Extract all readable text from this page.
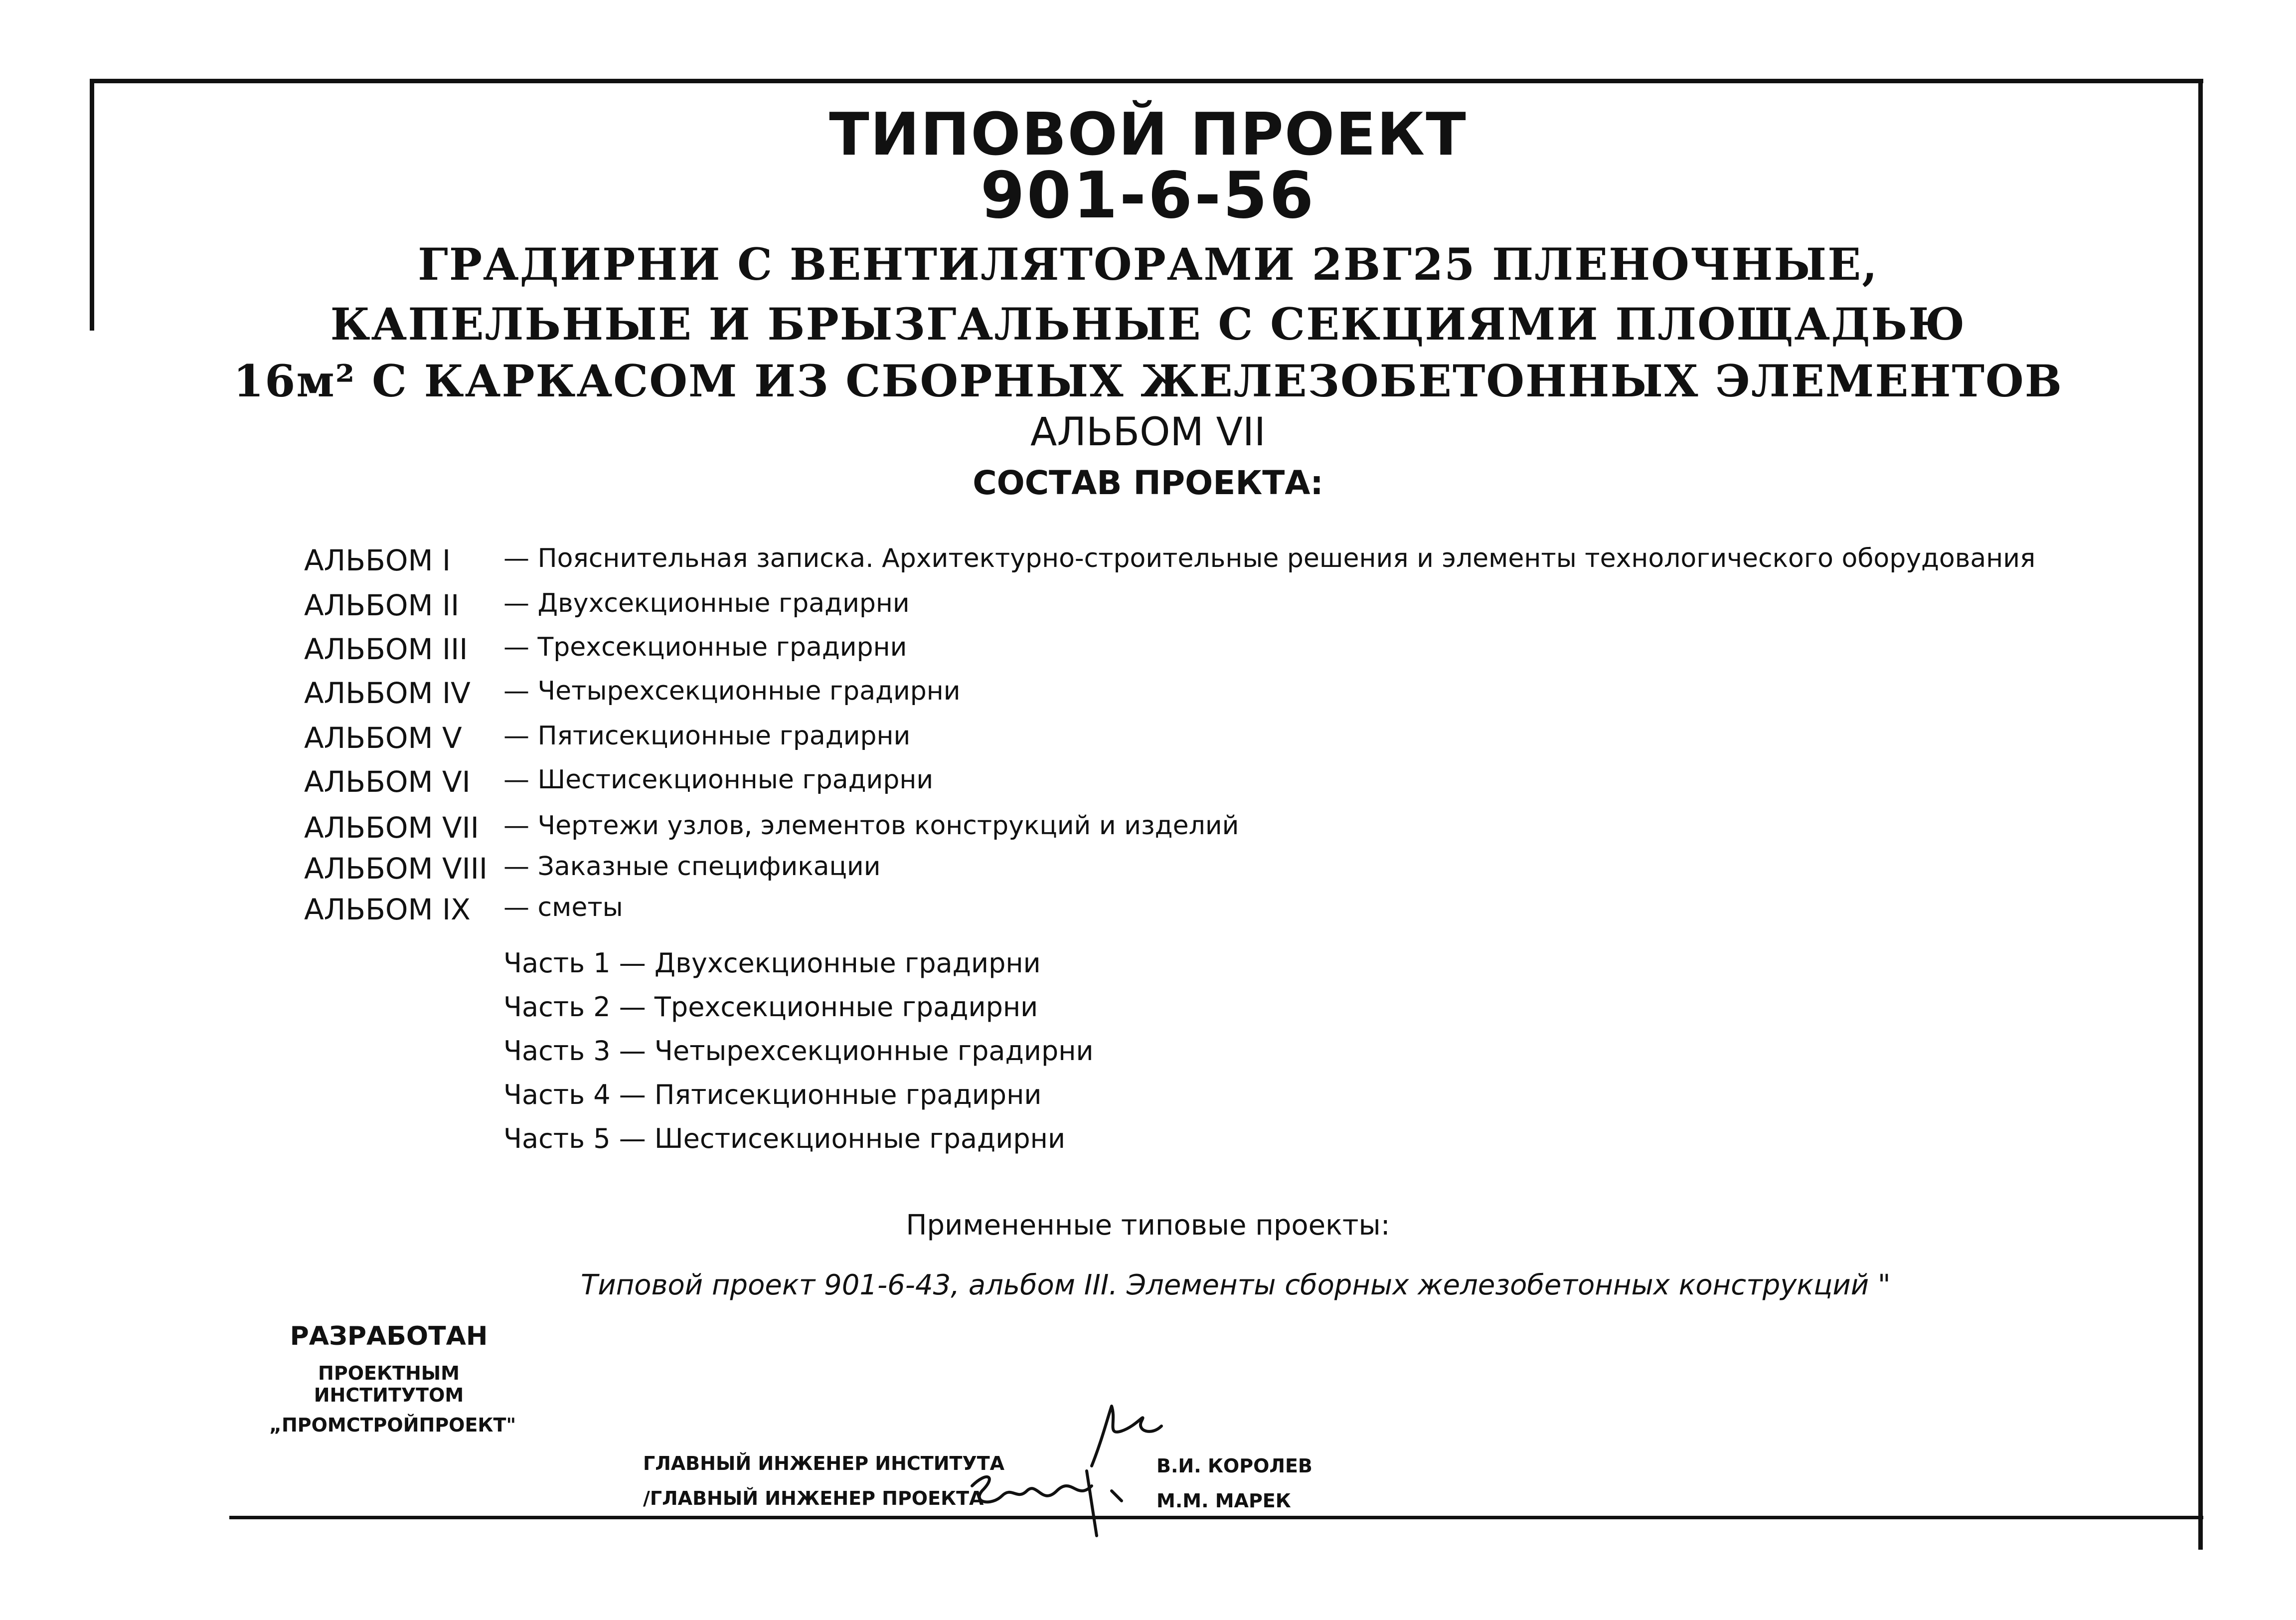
ТИПОВОЙ ПРОЕКТ
901-6-56
ГРАДИРНИ С ВЕНТИЛЯТОРАМИ 2ВГ25 ПЛЕНОЧНЫЕ,
КАПЕЛЬНЫЕ И БРЫЗГАЛЬНЫЕ С СЕКЦИЯМИ ПЛОЩАДЬЮ
16м² С КАРКАСОМ ИЗ СБОРНЫХ ЖЕЛЕЗОБЕТОННЫХ ЭЛЕМЕНТОВ
АЛЬБОМ VII
СОСТАВ ПРОЕКТА:
АЛЬБОМ I	— Пояснительная записка. Архитектурно-строительные решения и элементы технологического оборудования
АЛЬБОМ II	— Двухсекционные градирни
АЛЬБОМ III	— Трехсекционные градирни
АЛЬБОМ IV	— Четырехсекционные градирни
АЛЬБОМ V	— Пятисекционные градирни
АЛЬБОМ VI	— Шестисекционные градирни
АЛЬБОМ VII — Чертежи узлов, элементов конструкций и изделий
АЛЬБОМ VIII — Заказные спецификации
АЛЬБОМ IX	— сметы
Часть 1 — Двухсекционные градирни
Часть 2 — Трехсекционные градирни
Часть 3 — Четырехсекционные градирни
Часть 4 — Пятисекционные градирни
Часть 5 — Шестисекционные градирни
Примененные типовые проекты:
Типовой проект 901-6-43, альбом III. Элементы сборных железобетонных конструкций "
РАЗРАБОТАН
ПРОЕКТНЫМ ИНСТИТУТОМ
„ПРОМСТРОЙПРОЕКТ"
ГЛАВНЫЙ ИНЖЕНЕР ИНСТИТУТА
/ГЛАВНЫЙ ИНЖЕНЕР ПРОЕКТА
В.И. КОРОЛЕВ
М.М. МАРЕК
